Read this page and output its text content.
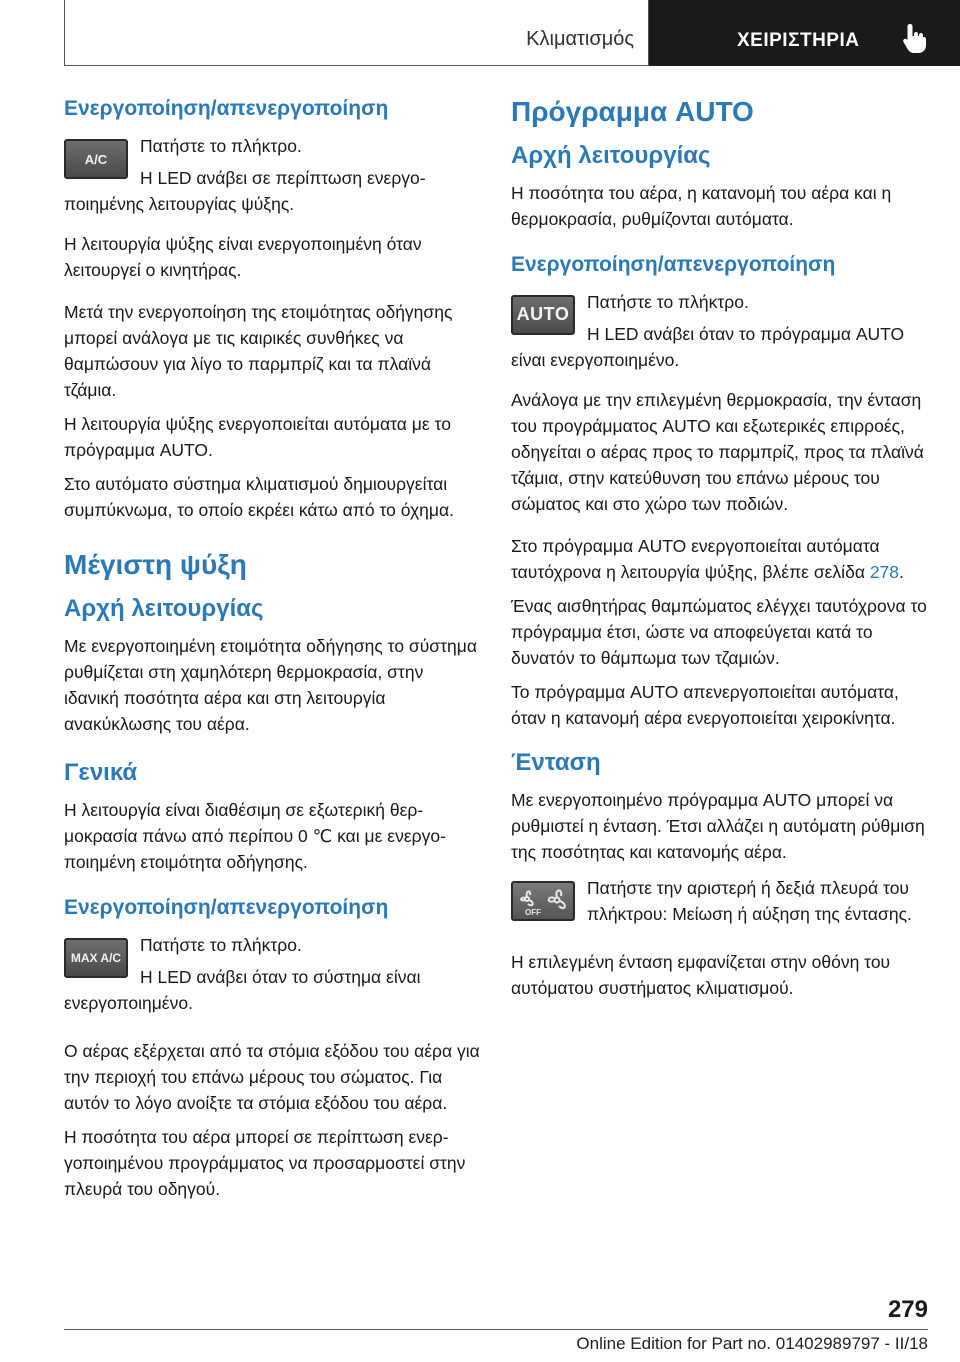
Κλιματισμός	ΧΕΙΡΙΣΤΗΡΙΑ
Ενεργοποίηση/απενεργοποίηση
A/C

Πατήστε το πλήκτρο.

Η LED ανάβει σε περίπτωση ενεργοποιημένης λειτουργίας ψύξης.

Η λειτουργία ψύξης είναι ενεργοποιημένη όταν λειτουργεί ο κινητήρας.

Μετά την ενεργοποίηση της ετοιμότητας οδήγησης μπορεί ανάλογα με τις καιρικές συνθήκες να θαμπώσουν για λίγο το παρμπρίζ και τα πλαϊνά τζάμια.

Η λειτουργία ψύξης ενεργοποιείται αυτόματα με το πρόγραμμα AUTO.

Στο αυτόματο σύστημα κλιματισμού δημιουργείται συμπύκνωμα, το οποίο εκρέει κάτω από το όχημα.

Μέγιστη ψύξη
Αρχή λειτουργίας

Με ενεργοποιημένη ετοιμότητα οδήγησης το σύστημα ρυθμίζεται στη χαμηλότερη θερμοκρασία, στην ιδανική ποσότητα αέρα και στη λειτουργία ανακύκλωσης του αέρα.

Γενικά

Η λειτουργία είναι διαθέσιμη σε εξωτερική θερμοκρασία πάνω από περίπου 0 ℃ και με ενεργοποιημένη ετοιμότητα οδήγησης.

Ενεργοποίηση/απενεργοποίηση
MAX A/C

Πατήστε το πλήκτρο.

Η LED ανάβει όταν το σύστημα είναι ενεργοποιημένο.

Ο αέρας εξέρχεται από τα στόμια εξόδου του αέρα για την περιοχή του επάνω μέρους του σώματος. Για αυτόν το λόγο ανοίξτε τα στόμια εξόδου του αέρα.

Η ποσότητα του αέρα μπορεί σε περίπτωση ενεργοποιημένου προγράμματος να προσαρμοστεί στην πλευρά του οδηγού.

Πρόγραμμα AUTO
Αρχή λειτουργίας

Η ποσότητα του αέρα, η κατανομή του αέρα και η θερμοκρασία, ρυθμίζονται αυτόματα.

Ενεργοποίηση/απενεργοποίηση
AUTO

Πατήστε το πλήκτρο.

Η LED ανάβει όταν το πρόγραμμα AUTO είναι ενεργοποιημένο.

Ανάλογα με την επιλεγμένη θερμοκρασία, την ένταση του προγράμματος AUTO και εξωτερικές επιρροές, οδηγείται ο αέρας προς το παρμπρίζ, προς τα πλαϊνά τζάμια, στην κατεύθυνση του επάνω μέρους του σώματος και στο χώρο των ποδιών.

Στο πρόγραμμα AUTO ενεργοποιείται αυτόματα ταυτόχρονα η λειτουργία ψύξης, βλέπε σελίδα 278.

Ένας αισθητήρας θαμπώματος ελέγχει ταυτόχρονα το πρόγραμμα έτσι, ώστε να αποφεύγεται κατά το δυνατόν το θάμπωμα των τζαμιών.

Το πρόγραμμα AUTO απενεργοποιείται αυτόματα, όταν η κατανομή αέρα ενεργοποιείται χειροκίνητα.

Ένταση

Με ενεργοποιημένο πρόγραμμα AUTO μπορεί να ρυθμιστεί η ένταση. Έτσι αλλάζει η αυτόματη ρύθμιση της ποσότητας και κατανομής αέρα.

OFF

Πατήστε την αριστερή ή δεξιά πλευρά του πλήκτρου: Μείωση ή αύξηση της έντασης.

Η επιλεγμένη ένταση εμφανίζεται στην οθόνη του αυτόματου συστήματος κλιματισμού.

279
Online Edition for Part no. 01402989797 - II/18
